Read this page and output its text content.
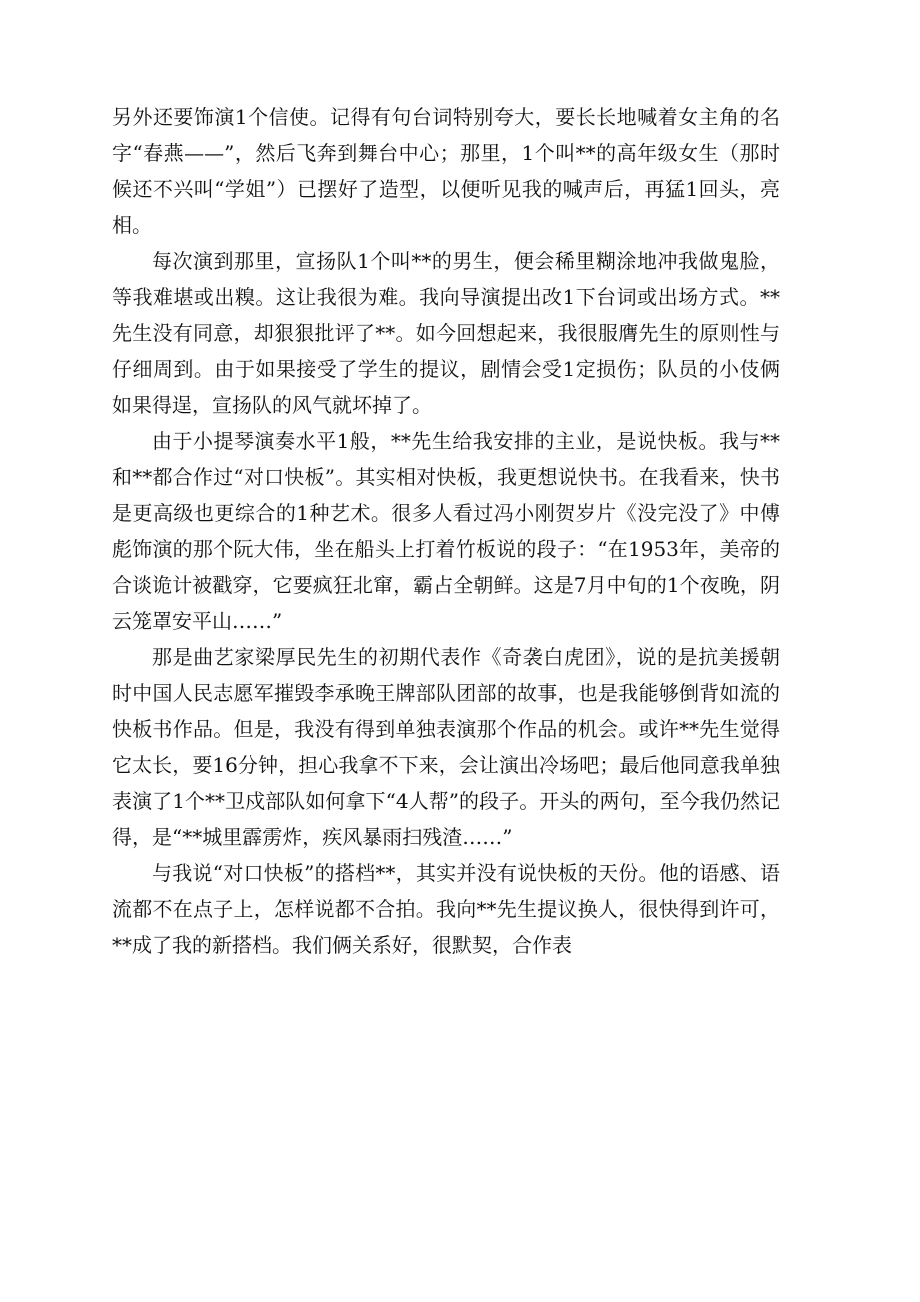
另外还要饰演1个信使。记得有句台词特别夸大，要长长地喊着女主角的名字“春燕——”，然后飞奔到舞台中心；那里，1个叫**的高年级女生（那时候还不兴叫“学姐”）已摆好了造型，以便听见我的喊声后，再猛1回头，亮相。

每次演到那里，宣扬队1个叫**的男生，便会稀里糊涂地冲我做鬼脸，等我难堪或出糗。这让我很为难。我向导演提出改1下台词或出场方式。**先生没有同意，却狠狠批评了**。如今回想起来，我很服膺先生的原则性与仔细周到。由于如果接受了学生的提议，剧情会受1定损伤；队员的小伎俩如果得逞，宣扬队的风气就坏掉了。

由于小提琴演奏水平1般，**先生给我安排的主业，是说快板。我与**和**都合作过“对口快板”。其实相对快板，我更想说快书。在我看来，快书是更高级也更综合的1种艺术。很多人看过冯小刚贺岁片《没完没了》中傅彪饰演的那个阮大伟，坐在船头上打着竹板说的段子：“在1953年，美帝的合谈诡计被戳穿，它要疯狂北窜，霸占全朝鲜。这是7月中旬的1个夜晚，阴云笼罩安平山……”

那是曲艺家梁厚民先生的初期代表作《奇袭白虎团》，说的是抗美援朝时中国人民志愿军摧毁李承晚王牌部队团部的故事，也是我能够倒背如流的快板书作品。但是，我没有得到单独表演那个作品的机会。或许**先生觉得它太长，要16分钟，担心我拿不下来，会让演出冷场吧；最后他同意我单独表演了1个**卫戍部队如何拿下“4人帮”的段子。开头的两句，至今我仍然记得，是“**城里霹雳炸，疾风暴雨扫残渣……”

与我说“对口快板”的搭档**，其实并没有说快板的天份。他的语感、语流都不在点子上，怎样说都不合拍。我向**先生提议换人，很快得到许可，**成了我的新搭档。我们俩关系好，很默契，合作表
